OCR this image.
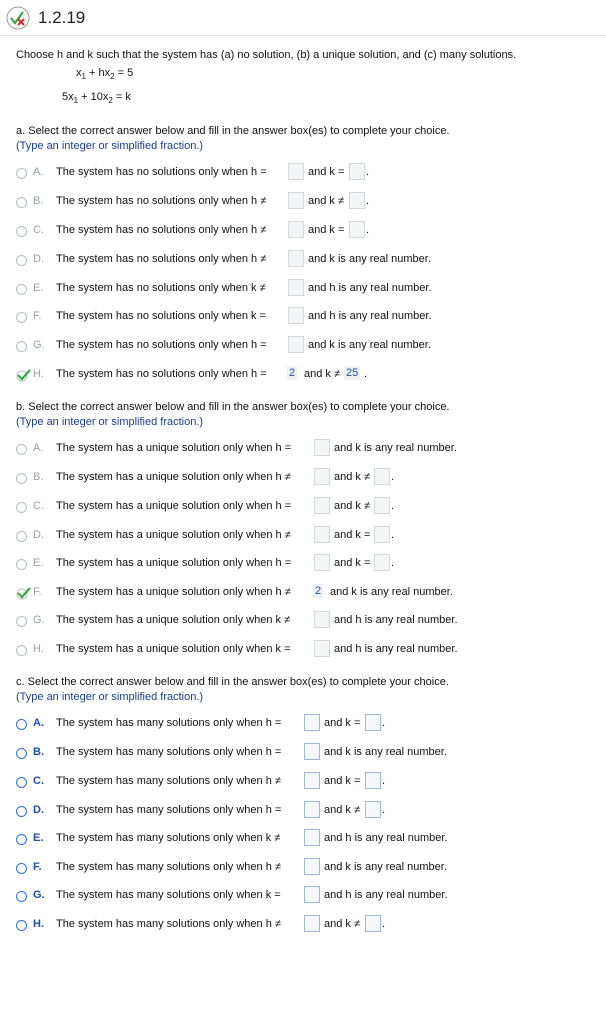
1.2.19
Choose h and k such that the system has (a) no solution, (b) a unique solution, and (c) many solutions.
$x_1 + hx_2 = 5$
$5x_1 + 10x_2 = k$
a. Select the correct answer below and fill in the answer box(es) to complete your choice.
(Type an integer or simplified fraction.)
A. The system has no solutions only when h =	and k = .
B. The system has no solutions only when h ≠	and k ≠ .
C. The system has no solutions only when h ≠	and k = .
D. The system has no solutions only when h ≠	and k is any real number.
E. The system has no solutions only when k ≠	and h is any real number.
F. The system has no solutions only when k =	and h is any real number.
G. The system has no solutions only when h =	and k is any real number.
H. The system has no solutions only when h = 2 and k ≠ 25 .
b. Select the correct answer below and fill in the answer box(es) to complete your choice.
(Type an integer or simplified fraction.)
A. The system has a unique solution only when h =	and k is any real number.
B. The system has a unique solution only when h ≠	and k ≠ .
C. The system has a unique solution only when h =	and k ≠ .
D. The system has a unique solution only when h ≠	and k = .
E. The system has a unique solution only when h =	and k = .
F. The system has a unique solution only when h ≠ 2 and k is any real number.
G. The system has a unique solution only when k ≠	and h is any real number.
H. The system has a unique solution only when k =	and h is any real number.
c. Select the correct answer below and fill in the answer box(es) to complete your choice.
(Type an integer or simplified fraction.)
A. The system has many solutions only when h =	and k = .
B. The system has many solutions only when h =	and k is any real number.
C. The system has many solutions only when h ≠	and k = .
D. The system has many solutions only when h =	and k ≠ .
E. The system has many solutions only when k ≠	and h is any real number.
F. The system has many solutions only when h ≠	and k is any real number.
G. The system has many solutions only when k =	and h is any real number.
H. The system has many solutions only when h ≠	and k ≠ .
